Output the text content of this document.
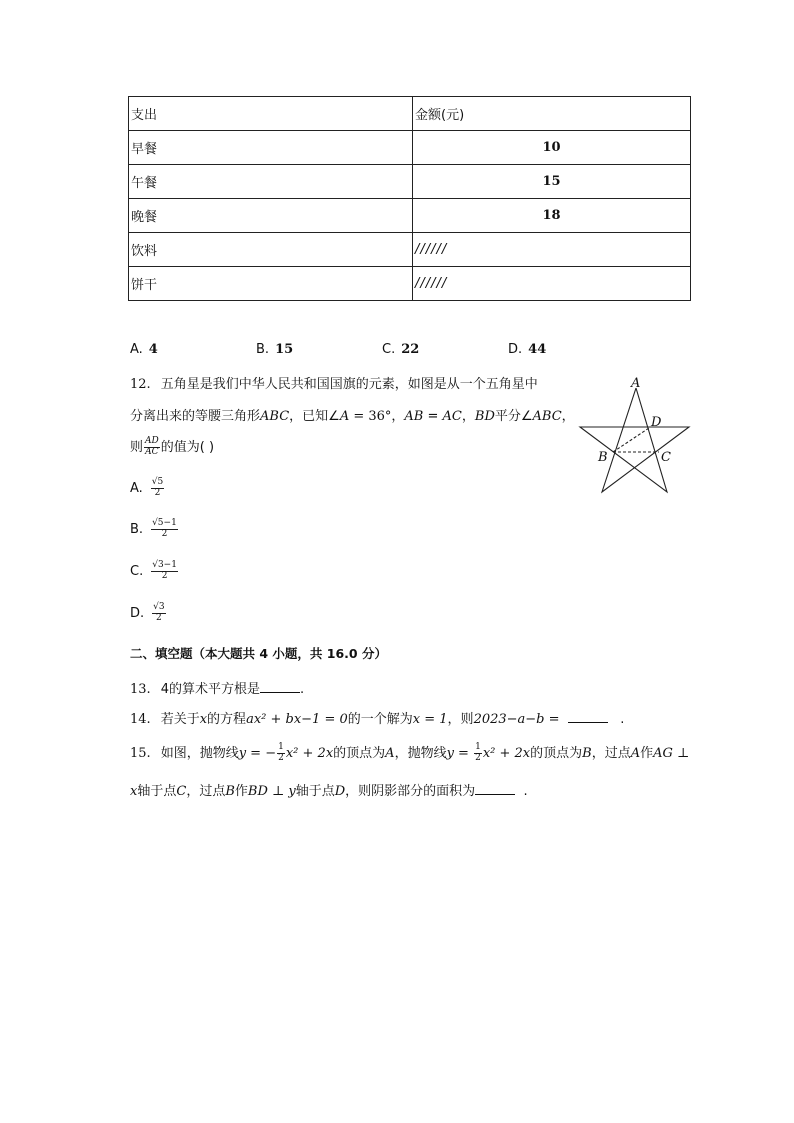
支出	金额(元)
早餐	10
午餐	15
晚餐	18
饮料	//////
饼干	//////
A. 4	B. 15	C. 22	D. 44
12. 五角星是我们中华人民共和国国旗的元素，如图是从一个五角星中
分离出来的等腰三角形ABC，已知∠A = 36°，AB = AC，BD平分∠ABC，
则 $\frac{AD}{AC}$ 的值为( )
A. $\frac{√5}{2}$
B. $\frac{√5-1}{2}$
C. $\frac{√3-1}{2}$
D. $\frac{√3}{2}$
A
D
B	C
二、填空题（本大题共 4 小题，共 16.0 分）
13. 4的算术平方根是	.
14. 若关于x的方程ax² + bx−1 = 0的一个解为x = 1，则2023−a−b =	.
15. 如图，抛物线y = − $\frac{1}{2} x^2 + 2x$的顶点为A，抛物线$y = \frac{1}{2} x^2 + 2x$的顶点为B，过点A作AG ⊥
x轴于点C，过点B作BD ⊥ y轴于点D，则阴影部分的面积为	.
